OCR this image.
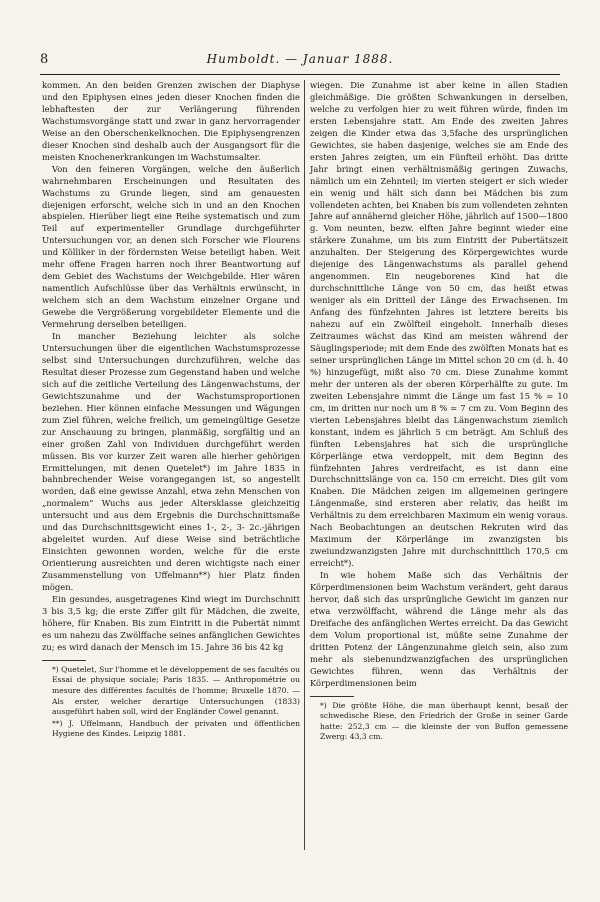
8	Humboldt. — Januar 1888.

kommen. An den beiden Grenzen zwischen der Diaphyse und den Epiphysen eines jeden dieser Knochen finden die lebhaftesten der zur Verlängerung führenden Wachstumsvorgänge statt und zwar in ganz hervorragender Weise an den Oberschenkelknochen. Die Epiphysengrenzen dieser Knochen sind deshalb auch der Ausgangsort für die meisten Knochenerkrankungen im Wachstumsalter.

Von den feineren Vorgängen, welche den äußerlich wahrnehmbaren Erscheinungen und Resultaten des Wachstums zu Grunde liegen, sind am genauesten diejenigen erforscht, welche sich in und an den Knochen abspielen. Hierüber liegt eine Reihe systematisch und zum Teil auf experimenteller Grundlage durchgeführter Untersuchungen vor, an denen sich Forscher wie Flourens und Kölliker in der fördernsten Weise beteiligt haben. Weit mehr offene Fragen harren noch ihrer Beantwortung auf dem Gebiet des Wachstums der Weichgebilde. Hier wären namentlich Aufschlüsse über das Verhältnis erwünscht, in welchem sich an dem Wachstum einzelner Organe und Gewebe die Vergrößerung vorgebildeter Elemente und die Vermehrung derselben beteiligen.

In mancher Beziehung leichter als solche Untersuchungen über die eigentlichen Wachstumsprozesse selbst sind Untersuchungen durchzuführen, welche das Resultat dieser Prozesse zum Gegenstand haben und welche sich auf die zeitliche Verteilung des Längenwachstums, der Gewichtszunahme und der Wachstumsproportionen beziehen. Hier können einfache Messungen und Wägungen zum Ziel führen, welche freilich, um gemeingültige Gesetze zur Anschauung zu bringen, planmäßig, sorgfältig und an einer großen Zahl von Individuen durchgeführt werden müssen. Bis vor kurzer Zeit waren alle hierher gehörigen Ermittelungen, mit denen Quetelet*) im Jahre 1835 in bahnbrechender Weise vorangegangen ist, so angestellt worden, daß eine gewisse Anzahl, etwa zehn Menschen von „normalem“ Wuchs aus jeder Altersklasse gleichzeitig untersucht und aus dem Ergebnis die Durchschnittsmaße und das Durchschnittsgewicht eines 1-, 2-, 3- 2c.-jährigen abgeleitet wurden. Auf diese Weise sind beträchtliche Einsichten gewonnen worden, welche für die erste Orientierung ausreichten und deren wichtigste nach einer Zusammenstellung von Uffelmann**) hier Platz finden mögen.

Ein gesundes, ausgetragenes Kind wiegt im Durchschnitt 3 bis 3,5 kg; die erste Ziffer gilt für Mädchen, die zweite, höhere, für Knaben. Bis zum Eintritt in die Pubertät nimmt es um nahezu das Zwölffache seines anfänglichen Gewichtes zu; es wird danach der Mensch im 15. Jahre 36 bis 42 kg

*) Quetelet, Sur l'homme et le développement de ses facultés ou Essai de physique sociale; Paris 1835. — Anthropométrie ou mesure des différentes facultés de l'homme; Bruxelle 1870. — Als erster, welcher derartige Untersuchungen (1833) ausgeführt haben soll, wird der Engländer Cowel genannt.

**) J. Uffelmann, Handbuch der privaten und öffentlichen Hygiene des Kindes. Leipzig 1881.

wiegen. Die Zunahme ist aber keine in allen Stadien gleichmäßige. Die größten Schwankungen in derselben, welche zu verfolgen hier zu weit führen würde, finden im ersten Lebensjahre statt. Am Ende des zweiten Jahres zeigen die Kinder etwa das 3,5fache des ursprünglichen Gewichtes, sie haben dasjenige, welches sie am Ende des ersten Jahres zeigten, um ein Fünfteil erhöht. Das dritte Jahr bringt einen verhältnismäßig geringen Zuwachs, nämlich um ein Zehnteil; im vierten steigert er sich wieder ein wenig und hält sich dann bei Mädchen bis zum vollendeten achten, bei Knaben bis zum vollendeten zehnten Jahre auf annähernd gleicher Höhe, jährlich auf 1500—1800 g. Vom neunten, bezw. elften Jahre beginnt wieder eine stärkere Zunahme, um bis zum Eintritt der Pubertätszeit anzuhalten. Der Steigerung des Körpergewichtes wurde diejenige des Längenwachstums als parallel gehend angenommen. Ein neugeborenes Kind hat die durchschnittliche Länge von 50 cm, das heißt etwas weniger als ein Dritteil der Länge des Erwachsenen. Im Anfang des fünfzehnten Jahres ist letztere bereits bis nahezu auf ein Zwölfteil eingeholt. Innerhalb dieses Zeitraumes wächst das Kind am meisten während der Säuglingsperiode; mit dem Ende des zwölften Monats hat es seiner ursprünglichen Länge im Mittel schon 20 cm (d. h. 40 %) hinzugefügt, mißt also 70 cm. Diese Zunahme kommt mehr der unteren als der oberen Körperhälfte zu gute. Im zweiten Lebensjahre nimmt die Länge um fast 15 % = 10 cm, im dritten nur noch um 8 % = 7 cm zu. Vom Beginn des vierten Lebensjahres bleibt das Längenwachstum ziemlich konstant, indem es jährlich 5 cm beträgt. Am Schluß des fünften Lebensjahres hat sich die ursprüngliche Körperlänge etwa verdoppelt, mit dem Beginn des fünfzehnten Jahres verdreifacht, es ist dann eine Durchschnittslänge von ca. 150 cm erreicht. Dies gilt vom Knaben. Die Mädchen zeigen im allgemeinen geringere Längenmaße, sind ersteren aber relativ, das heißt im Verhältnis zu dem erreichbaren Maximum ein wenig voraus. Nach Beobachtungen an deutschen Rekruten wird das Maximum der Körperlänge im zwanzigsten bis zweiundzwanzigsten Jahre mit durchschnittlich 170,5 cm erreicht*).

In wie hohem Maße sich das Verhältnis der Körperdimensionen beim Wachstum verändert, geht daraus hervor, daß sich das ursprüngliche Gewicht im ganzen nur etwa verzwölffacht, während die Länge mehr als das Dreifache des anfänglichen Wertes erreicht. Da das Gewicht dem Volum proportional ist, müßte seine Zunahme der dritten Potenz der Längenzunahme gleich sein, also zum mehr als siebenundzwanzigfachen des ursprünglichen Gewichtes führen, wenn das Verhältnis der Körperdimensionen beim

*) Die größte Höhe, die man überhaupt kennt, besaß der schwedische Riese, den Friedrich der Große in seiner Garde hatte: 252,3 cm — die kleinste der von Buffon gemessene Zwerg: 43,3 cm.
